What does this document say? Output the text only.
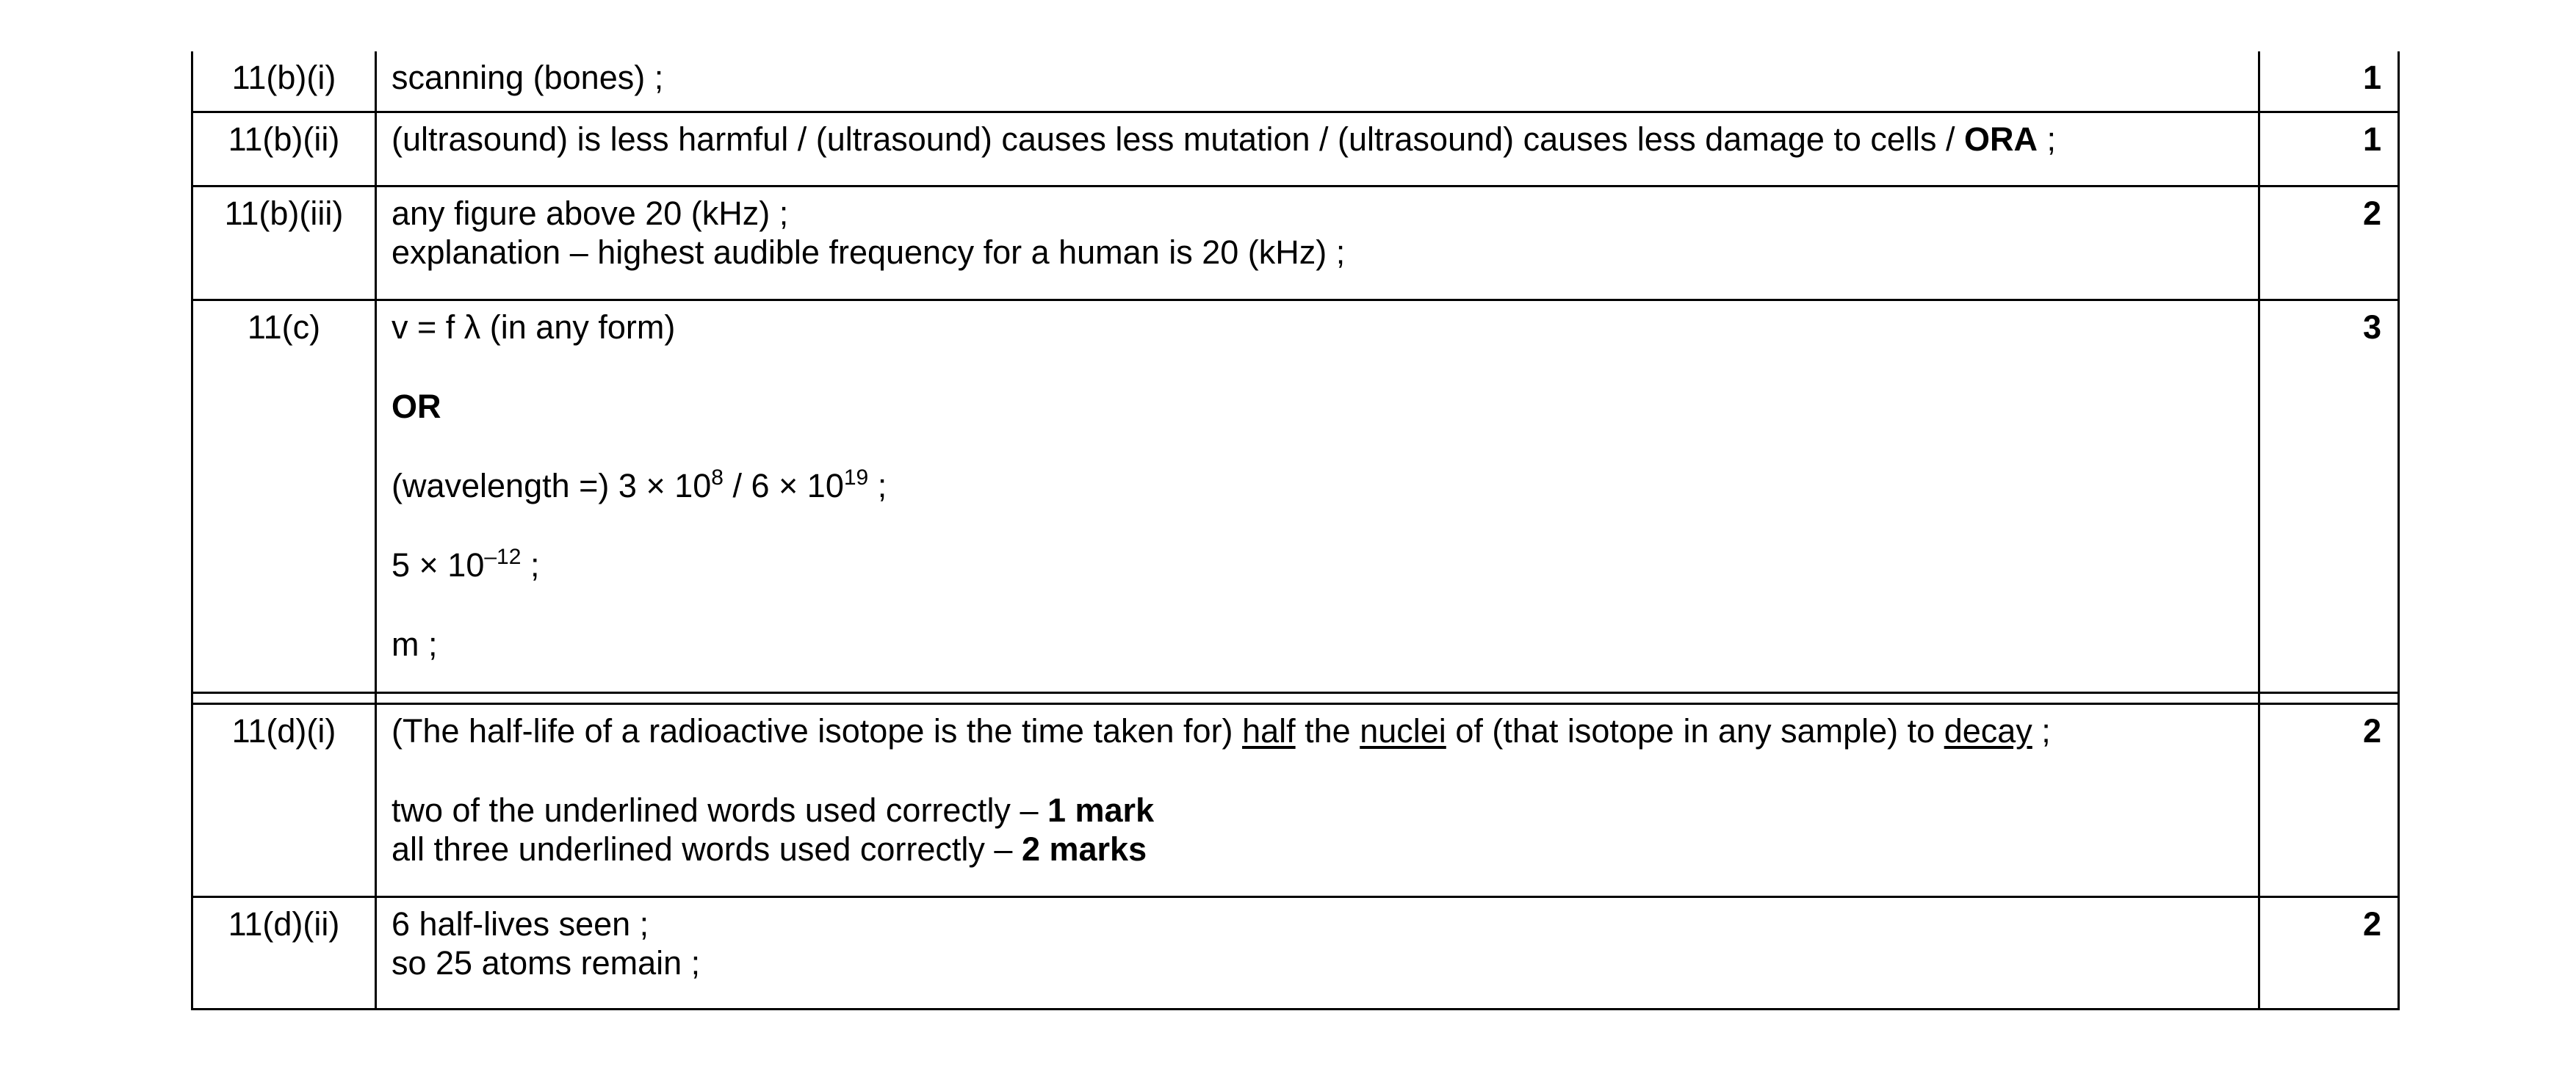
11(b)(i)	scanning (bones) ;	1
11(b)(ii)	(ultrasound) is less harmful / (ultrasound) causes less mutation / (ultrasound) causes less damage to cells / ORA ;	1
11(b)(iii)	any figure above 20 (kHz) ;
explanation – highest audible frequency for a human is 20 (kHz) ;	2
11(c)	v = f λ (in any form)
OR
(wavelength =) $3 \times 10^8 / 6 \times 10^{19}$ ;
$5 \times 10^{-12}$ ;
m ;	3

11(d)(i)	(The half-life of a radioactive isotope is the time taken for) half the nuclei of (that isotope in any sample) to decay ;
two of the underlined words used correctly – 1 mark
all three underlined words used correctly – 2 marks	2
11(d)(ii)	6 half-lives seen ;
so 25 atoms remain ;	2
